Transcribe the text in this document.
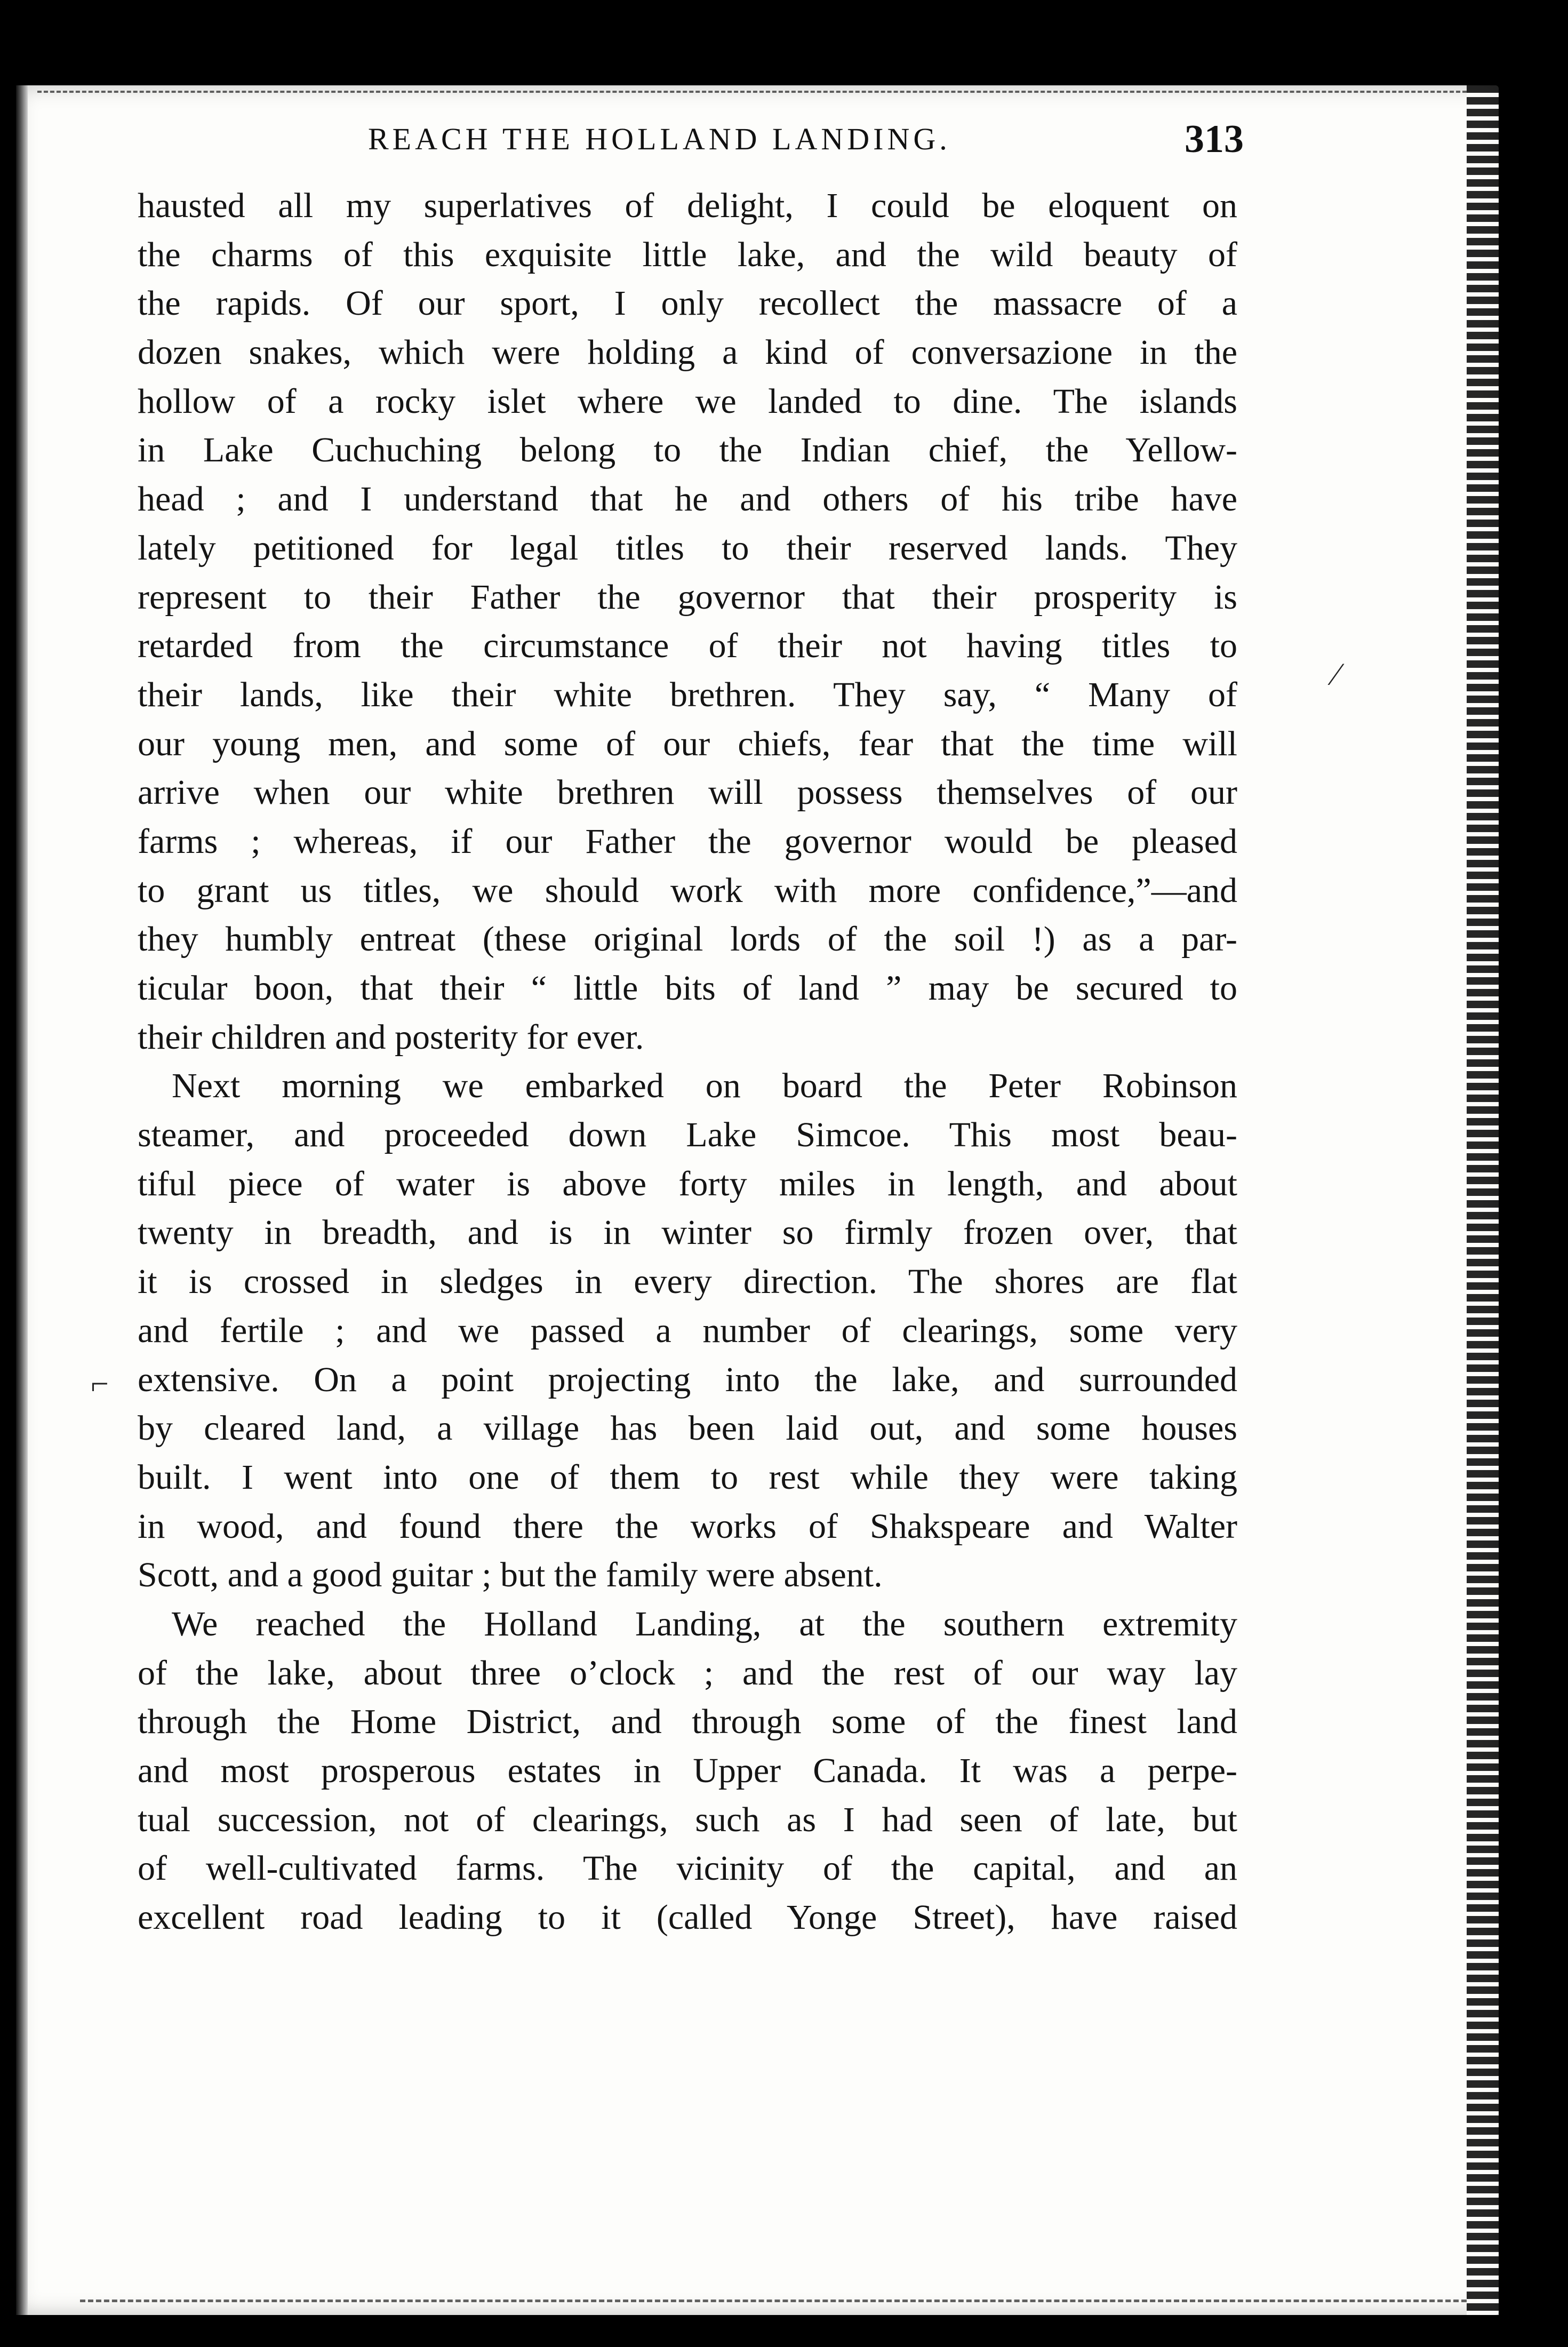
REACH THE HOLLAND LANDING.	313
hausted all my superlatives of delight, I could be eloquent on
the charms of this exquisite little lake, and the wild beauty of
the rapids. Of our sport, I only recollect the massacre of a
dozen snakes, which were holding a kind of conversazione in the
hollow of a rocky islet where we landed to dine. The islands
in Lake Cuchuching belong to the Indian chief, the Yellow-
head ; and I understand that he and others of his tribe have
lately petitioned for legal titles to their reserved lands. They
represent to their Father the governor that their prosperity is
retarded from the circumstance of their not having titles to
their lands, like their white brethren. They say, “ Many of
our young men, and some of our chiefs, fear that the time will
arrive when our white brethren will possess themselves of our
farms ; whereas, if our Father the governor would be pleased
to grant us titles, we should work with more confidence,”—and
they humbly entreat (these original lords of the soil !) as a par-
ticular boon, that their “ little bits of land ” may be secured to
their children and posterity for ever.
Next morning we embarked on board the Peter Robinson
steamer, and proceeded down Lake Simcoe. This most beau-
tiful piece of water is above forty miles in length, and about
twenty in breadth, and is in winter so firmly frozen over, that
it is crossed in sledges in every direction. The shores are flat
and fertile ; and we passed a number of clearings, some very
extensive. On a point projecting into the lake, and surrounded
by cleared land, a village has been laid out, and some houses
built. I went into one of them to rest while they were taking
in wood, and found there the works of Shakspeare and Walter
Scott, and a good guitar ; but the family were absent.
We reached the Holland Landing, at the southern extremity
of the lake, about three o’clock ; and the rest of our way lay
through the Home District, and through some of the finest land
and most prosperous estates in Upper Canada. It was a perpe-
tual succession, not of clearings, such as I had seen of late, but
of well-cultivated farms. The vicinity of the capital, and an
excellent road leading to it (called Yonge Street), have raised
⁄
⌐
